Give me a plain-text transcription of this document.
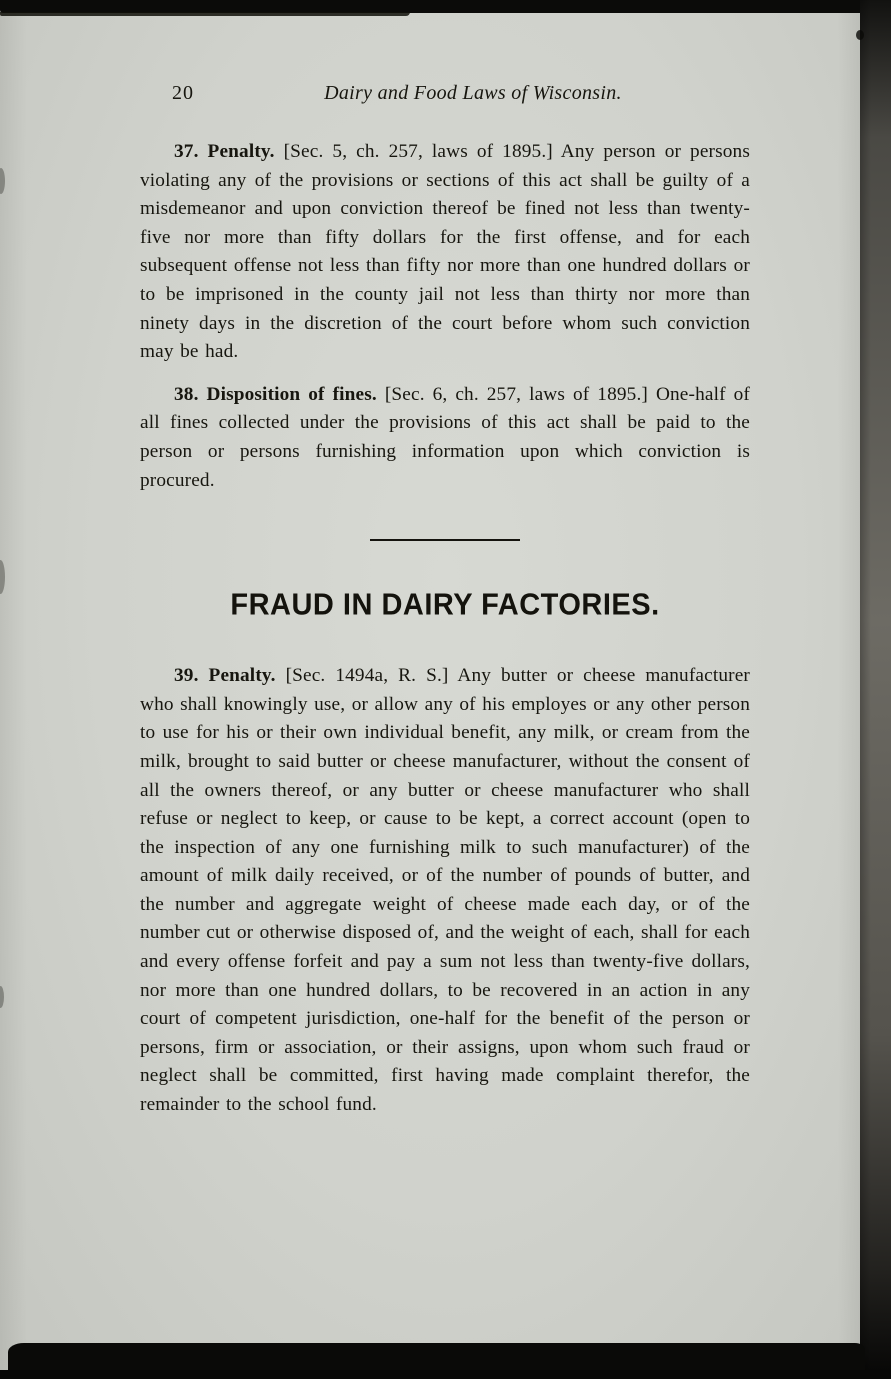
20	Dairy and Food Laws of Wisconsin.

37. Penalty. [Sec. 5, ch. 257, laws of 1895.] Any person or persons violating any of the provisions or sections of this act shall be guilty of a misdemeanor and upon conviction thereof be fined not less than twenty-five nor more than fifty dollars for the first offense, and for each subsequent offense not less than fifty nor more than one hundred dollars or to be imprisoned in the county jail not less than thirty nor more than ninety days in the discretion of the court before whom such conviction may be had.

38. Disposition of fines. [Sec. 6, ch. 257, laws of 1895.] One-half of all fines collected under the provisions of this act shall be paid to the person or persons furnishing information upon which conviction is procured.

FRAUD IN DAIRY FACTORIES.

39. Penalty. [Sec. 1494a, R. S.] Any butter or cheese manufacturer who shall knowingly use, or allow any of his employes or any other person to use for his or their own individual benefit, any milk, or cream from the milk, brought to said butter or cheese manufacturer, without the consent of all the owners thereof, or any butter or cheese manufacturer who shall refuse or neglect to keep, or cause to be kept, a correct account (open to the inspection of any one furnishing milk to such manufacturer) of the amount of milk daily received, or of the number of pounds of butter, and the number and aggregate weight of cheese made each day, or of the number cut or otherwise disposed of, and the weight of each, shall for each and every offense forfeit and pay a sum not less than twenty-five dollars, nor more than one hundred dollars, to be recovered in an action in any court of competent jurisdiction, one-half for the benefit of the person or persons, firm or association, or their assigns, upon whom such fraud or neglect shall be committed, first having made complaint therefor, the remainder to the school fund.
